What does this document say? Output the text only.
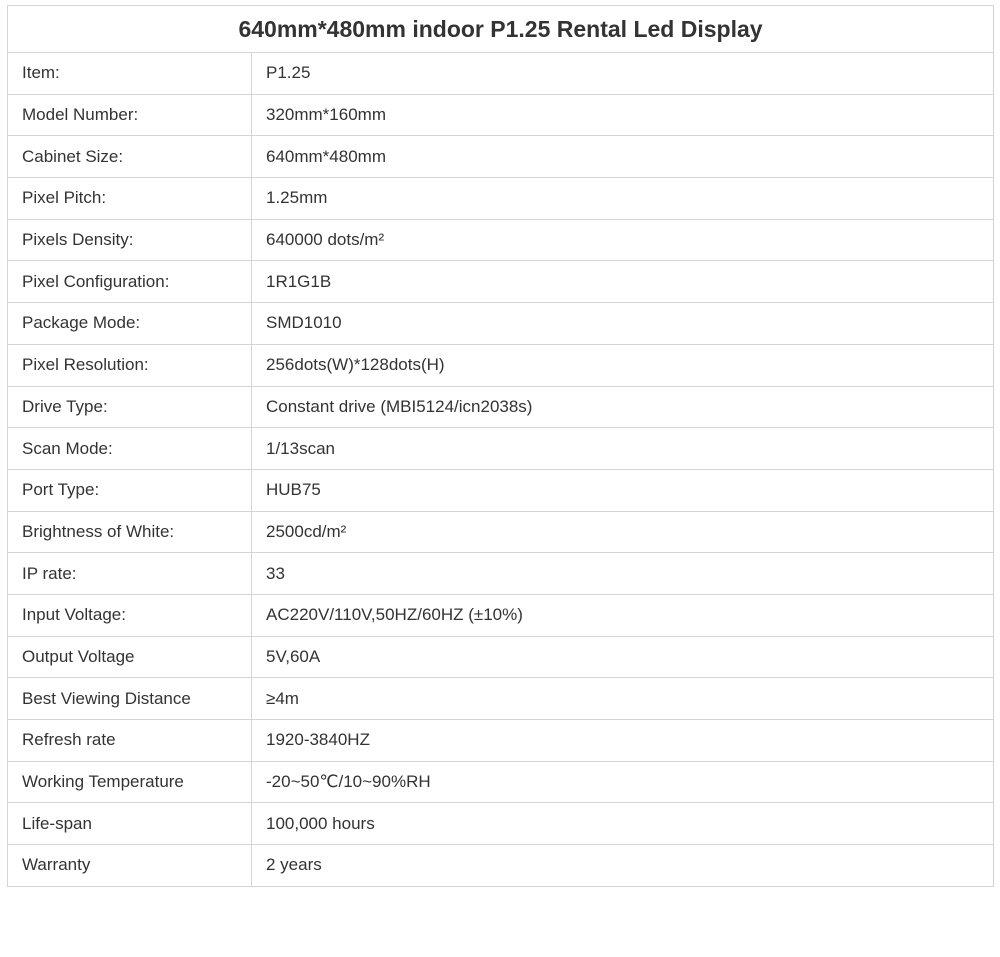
640mm*480mm indoor P1.25 Rental Led Display	
Item:	P1.25
Model Number:	320mm*160mm
Cabinet Size:	640mm*480mm
Pixel Pitch:	1.25mm
Pixels Density:	640000 dots/m²
Pixel Configuration:	1R1G1B
Package Mode:	SMD1010
Pixel Resolution:	256dots(W)*128dots(H)
Drive Type:	Constant drive (MBI5124/icn2038s)
Scan Mode:	1/13scan
Port Type:	HUB75
Brightness of White:	2500cd/m²
IP rate:	33
Input Voltage:	AC220V/110V,50HZ/60HZ (±10%)
Output Voltage	5V,60A
Best Viewing Distance	≥4m
Refresh rate	1920-3840HZ
Working Temperature	-20~50℃/10~90%RH
Life-span	100,000 hours
Warranty	2 years
